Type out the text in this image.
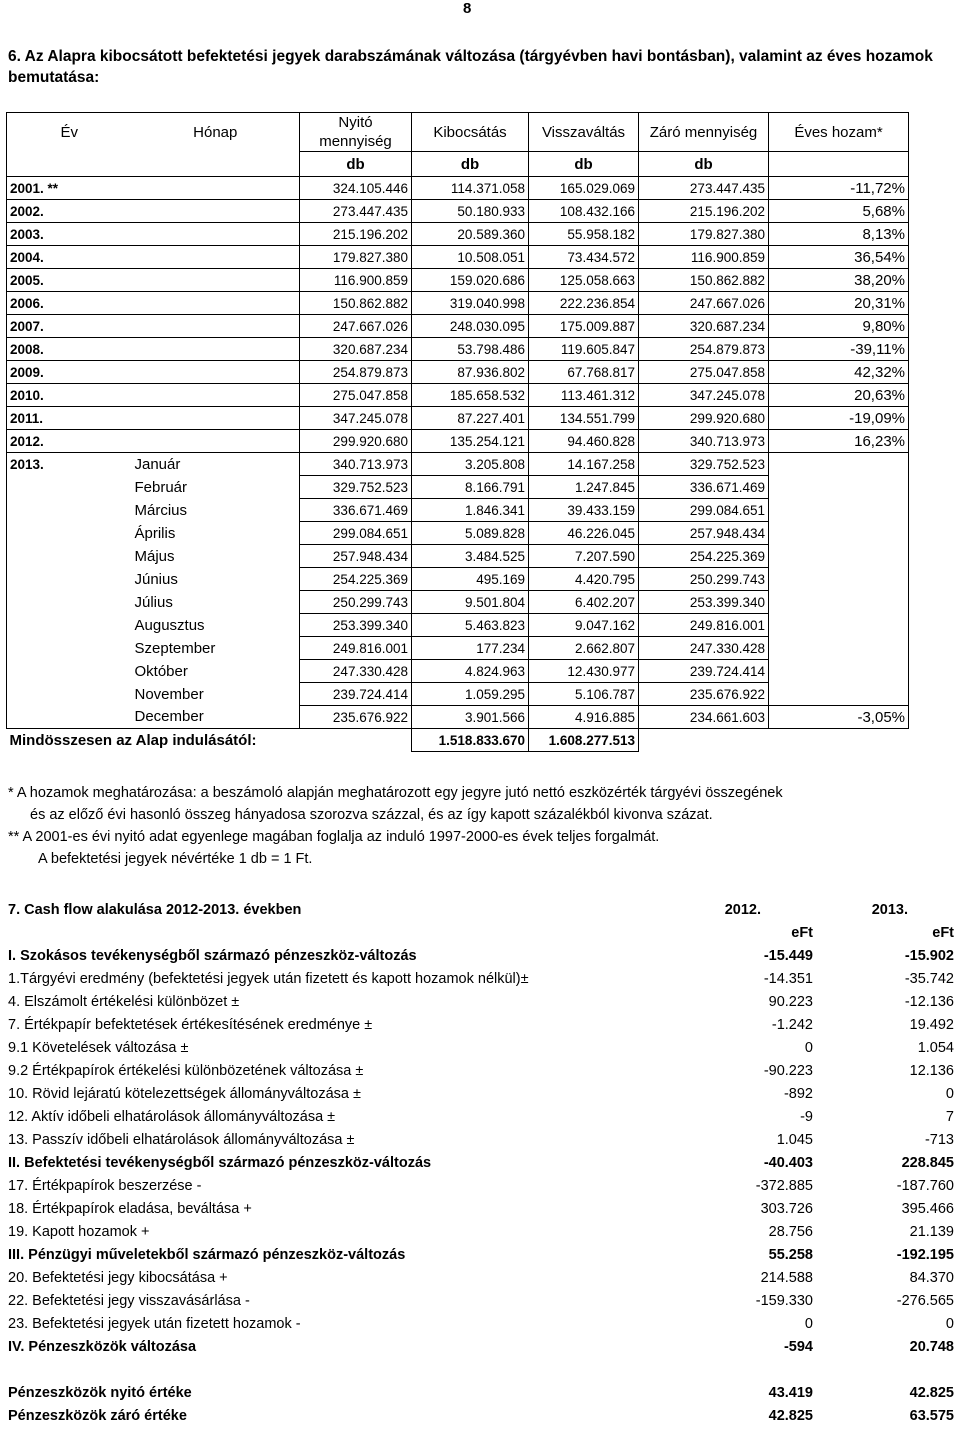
8
6. Az Alapra kibocsátott befektetési jegyek darabszámának változása (tárgyévben havi bontásban), valamint az éves hozamok bemutatása:
Év	Hónap	Nyitó mennyiség	Kibocsátás	Visszaváltás	Záró mennyiség	Éves hozam*
		db	db	db	db	
2001. **		324.105.446	114.371.058	165.029.069	273.447.435	-11,72%
2002.		273.447.435	50.180.933	108.432.166	215.196.202	5,68%
2003.		215.196.202	20.589.360	55.958.182	179.827.380	8,13%
2004.		179.827.380	10.508.051	73.434.572	116.900.859	36,54%
2005.		116.900.859	159.020.686	125.058.663	150.862.882	38,20%
2006.		150.862.882	319.040.998	222.236.854	247.667.026	20,31%
2007.		247.667.026	248.030.095	175.009.887	320.687.234	9,80%
2008.		320.687.234	53.798.486	119.605.847	254.879.873	-39,11%
2009.		254.879.873	87.936.802	67.768.817	275.047.858	42,32%
2010.		275.047.858	185.658.532	113.461.312	347.245.078	20,63%
2011.		347.245.078	87.227.401	134.551.799	299.920.680	-19,09%
2012.		299.920.680	135.254.121	94.460.828	340.713.973	16,23%
2013.	Január	340.713.973	3.205.808	14.167.258	329.752.523	
	Február	329.752.523	8.166.791	1.247.845	336.671.469	
	Március	336.671.469	1.846.341	39.433.159	299.084.651	
	Április	299.084.651	5.089.828	46.226.045	257.948.434	
	Május	257.948.434	3.484.525	7.207.590	254.225.369	
	Június	254.225.369	495.169	4.420.795	250.299.743	
	Július	250.299.743	9.501.804	6.402.207	253.399.340	
	Augusztus	253.399.340	5.463.823	9.047.162	249.816.001	
	Szeptember	249.816.001	177.234	2.662.807	247.330.428	
	Október	247.330.428	4.824.963	12.430.977	239.724.414	
	November	239.724.414	1.059.295	5.106.787	235.676.922	
	December	235.676.922	3.901.566	4.916.885	234.661.603	-3,05%
Mindösszesen az Alap indulásától:			1.518.833.670	1.608.277.513		
* A hozamok meghatározása: a beszámoló alapján meghatározott egy jegyre jutó nettó eszközérték tárgyévi összegének
és az előző évi hasonló összeg hányadosa szorozva százzal, és az így kapott százalékból kivonva százat.
** A 2001-es évi nyitó adat egyenlege magában foglalja az induló 1997-2000-es évek teljes forgalmát.
A befektetési jegyek névértéke 1 db = 1 Ft.
7. Cash flow alakulása 2012-2013. években	2012.	2013.
eFt	eFt
I. Szokásos tevékenységből származó pénzeszköz-változás	-15.449	-15.902
1.Tárgyévi eredmény (befektetési jegyek után fizetett és kapott hozamok nélkül)±	-14.351	-35.742
4. Elszámolt értékelési különbözet ±	90.223	-12.136
7. Értékpapír befektetések értékesítésének eredménye ±	-1.242	19.492
9.1 Követelések változása ±	0	1.054
9.2 Értékpapírok értékelési különbözetének változása ±	-90.223	12.136
10. Rövid lejáratú kötelezettségek állományváltozása ±	-892	0
12. Aktív időbeli elhatárolások állományváltozása ±	-9	7
13. Passzív időbeli elhatárolások állományváltozása ±	1.045	-713
II. Befektetési tevékenységből származó pénzeszköz-változás	-40.403	228.845
17. Értékpapírok beszerzése -	-372.885	-187.760
18. Értékpapírok eladása, beváltása +	303.726	395.466
19. Kapott hozamok +	28.756	21.139
III. Pénzügyi műveletekből származó pénzeszköz-változás	55.258	-192.195
20. Befektetési jegy kibocsátása +	214.588	84.370
22. Befektetési jegy visszavásárlása -	-159.330	-276.565
23. Befektetési jegyek után fizetett hozamok -	0	0
IV. Pénzeszközök változása	-594	20.748
Pénzeszközök nyitó értéke	43.419	42.825
Pénzeszközök záró értéke	42.825	63.575
